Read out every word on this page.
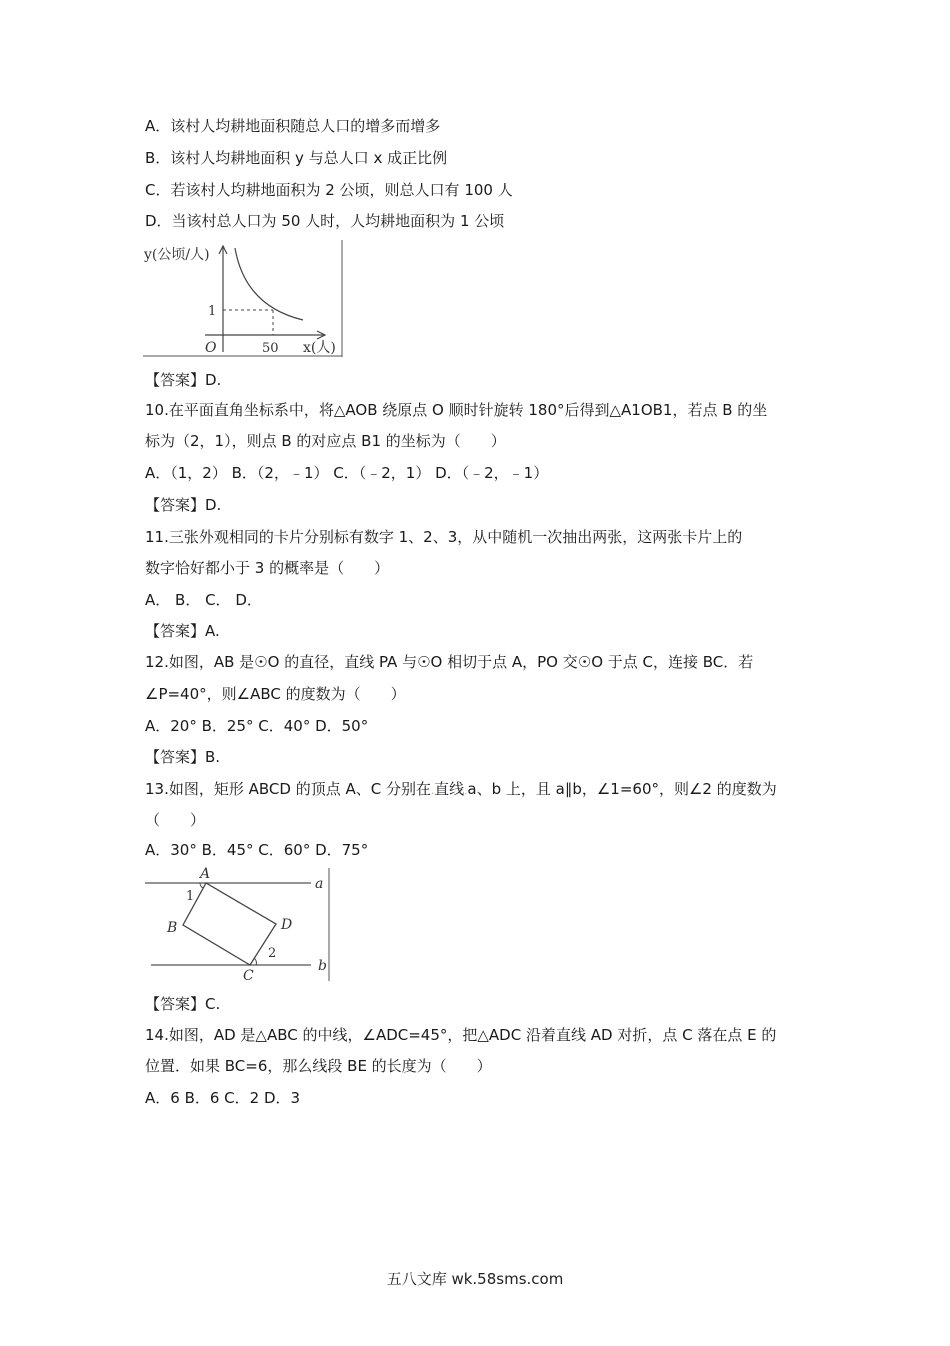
A．该村人均耕地面积随总人口的增多而增多
B．该村人均耕地面积 y 与总人口 x 成正比例
C．若该村人均耕地面积为 2 公顷，则总人口有 100 人
D．当该村总人口为 50 人时，人均耕地面积为 1 公顷
y(公顷/人)
x(人)
O	50
1
【答案】D.
10.在平面直角坐标系中，将△AOB 绕原点 O 顺时针旋转 180°后得到△A1OB1，若点 B 的坐
标为（2，1），则点 B 的对应点 B1 的坐标为（　　）
A．（1，2） B．（2，﹣1） C．（﹣2，1） D．（﹣2，﹣1）
【答案】D.
11.三张外观相同的卡片分别标有数字 1、2、3，从中随机一次抽出两张，这两张卡片上的
数字恰好都小于 3 的概率是（　　）
A． B． C． D．
【答案】A.
12.如图，AB 是☉O 的直径，直线 PA 与☉O 相切于点 A，PO 交☉O 于点 C，连接 BC．若
∠P=40°，则∠ABC 的度数为（　　）
A．20° B．25° C．40° D．50°
【答案】B.
13.如图，矩形 ABCD 的顶点 A、C 分别在.直线.a、b 上，且 a∥b，∠1=60°，则∠2 的度数为
（　　）
A．30° B．45° C．60° D．75°
A
B
C
D
a
b
1
2
【答案】C.
14.如图，AD 是△ABC 的中线，∠ADC=45°，把△ADC 沿着直线 AD 对折，点 C 落在点 E 的
位置．如果 BC=6，那么线段 BE 的长度为（　　）
A．6 B．6 C．2 D．3
五八文库 wk.58sms.com
